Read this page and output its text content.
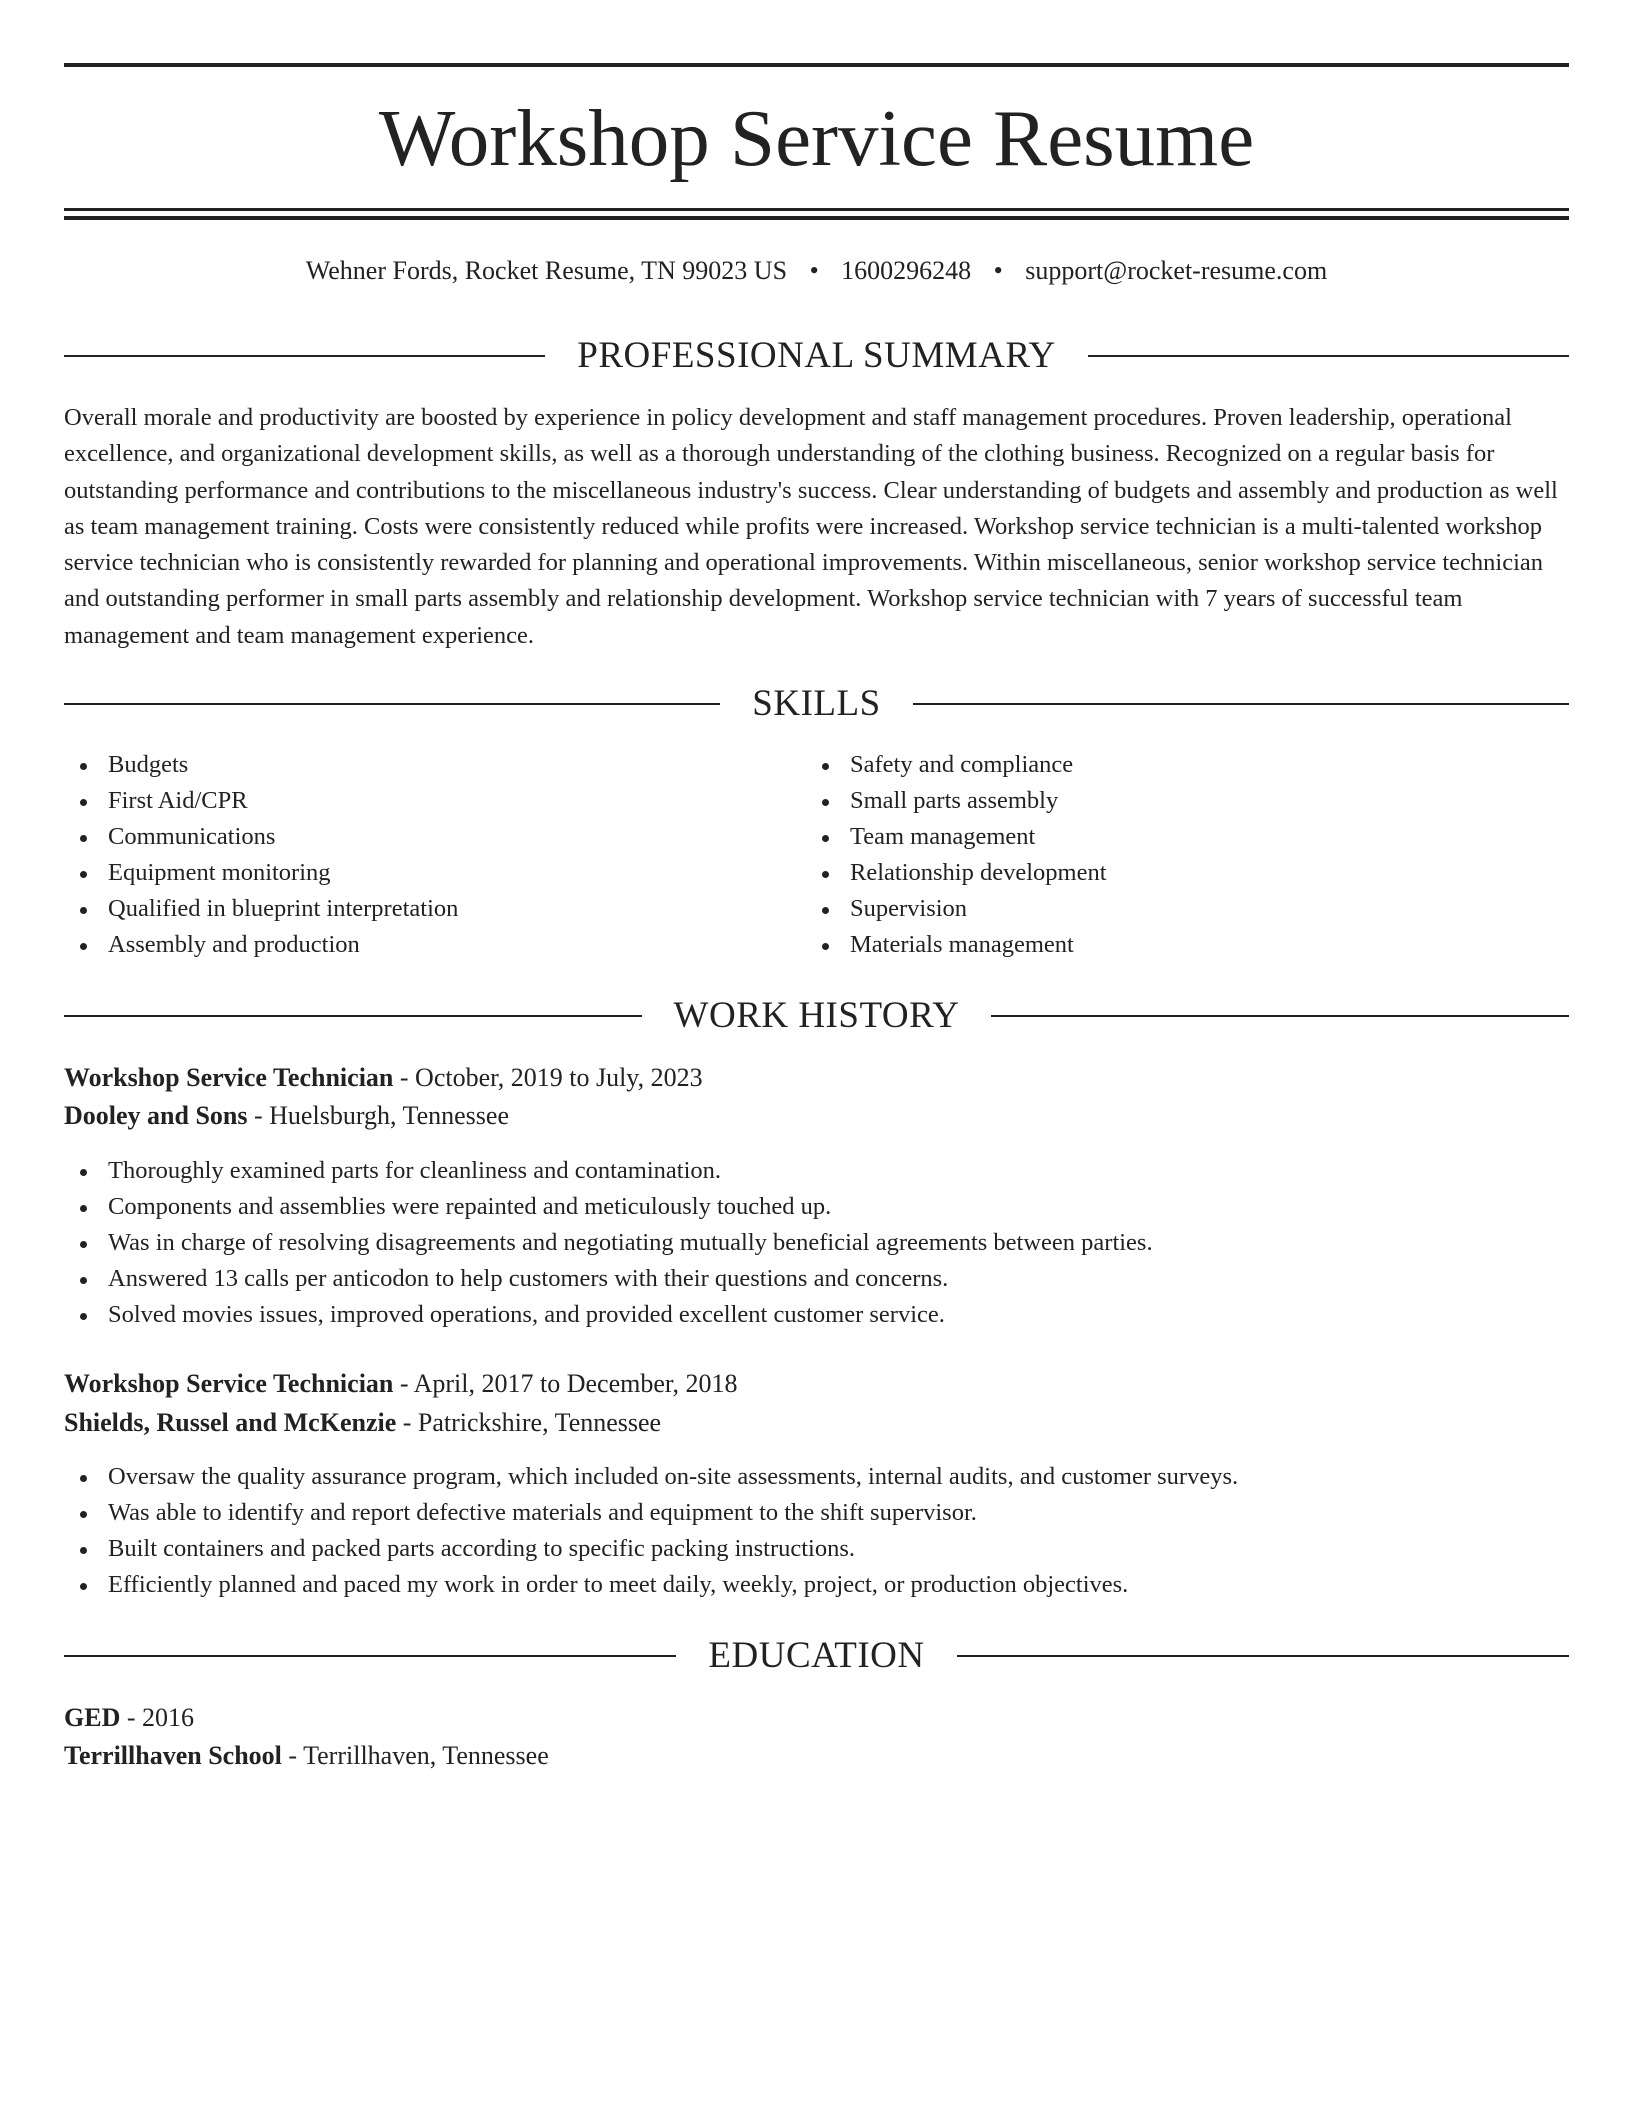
Workshop Service Resume
Wehner Fords, Rocket Resume, TN 99023 US • 1600296248 • support@rocket-resume.com
PROFESSIONAL SUMMARY

Overall morale and productivity are boosted by experience in policy development and staff management procedures. Proven leadership, operational excellence, and organizational development skills, as well as a thorough understanding of the clothing business. Recognized on a regular basis for outstanding performance and contributions to the miscellaneous industry's success. Clear understanding of budgets and assembly and production as well as team management training. Costs were consistently reduced while profits were increased. Workshop service technician is a multi-talented workshop service technician who is consistently rewarded for planning and operational improvements. Within miscellaneous, senior workshop service technician and outstanding performer in small parts assembly and relationship development. Workshop service technician with 7 years of successful team management and team management experience.

SKILLS
Budgets
First Aid/CPR
Communications
Equipment monitoring
Qualified in blueprint interpretation
Assembly and production
Safety and compliance
Small parts assembly
Team management
Relationship development
Supervision
Materials management
WORK HISTORY
Workshop Service Technician - October, 2019 to July, 2023
Dooley and Sons - Huelsburgh, Tennessee
Thoroughly examined parts for cleanliness and contamination.
Components and assemblies were repainted and meticulously touched up.
Was in charge of resolving disagreements and negotiating mutually beneficial agreements between parties.
Answered 13 calls per anticodon to help customers with their questions and concerns.
Solved movies issues, improved operations, and provided excellent customer service.
Workshop Service Technician - April, 2017 to December, 2018
Shields, Russel and McKenzie - Patrickshire, Tennessee
Oversaw the quality assurance program, which included on-site assessments, internal audits, and customer surveys.
Was able to identify and report defective materials and equipment to the shift supervisor.
Built containers and packed parts according to specific packing instructions.
Efficiently planned and paced my work in order to meet daily, weekly, project, or production objectives.
EDUCATION
GED - 2016
Terrillhaven School - Terrillhaven, Tennessee
